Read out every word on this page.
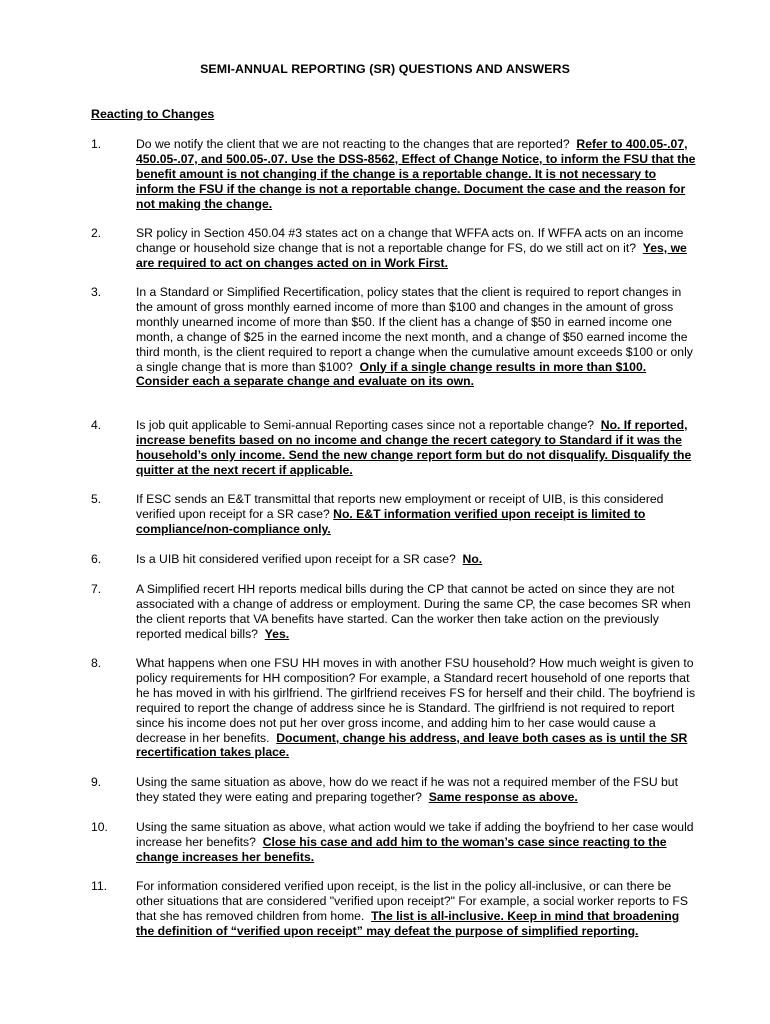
SEMI-ANNUAL REPORTING (SR) QUESTIONS AND ANSWERS
Reacting to Changes
1.	Do we notify the client that we are not reacting to the changes that are reported? Refer to 400.05-.07, 450.05-.07, and 500.05-.07. Use the DSS-8562, Effect of Change Notice, to inform the FSU that the benefit amount is not changing if the change is a reportable change. It is not necessary to inform the FSU if the change is not a reportable change. Document the case and the reason for not making the change.
2.	SR policy in Section 450.04 #3 states act on a change that WFFA acts on. If WFFA acts on an income change or household size change that is not a reportable change for FS, do we still act on it? Yes, we are required to act on changes acted on in Work First.
3.	In a Standard or Simplified Recertification, policy states that the client is required to report changes in the amount of gross monthly earned income of more than $100 and changes in the amount of gross monthly unearned income of more than $50. If the client has a change of $50 in earned income one month, a change of $25 in the earned income the next month, and a change of $50 earned income the third month, is the client required to report a change when the cumulative amount exceeds $100 or only a single change that is more than $100? Only if a single change results in more than $100. Consider each a separate change and evaluate on its own.
4.	Is job quit applicable to Semi-annual Reporting cases since not a reportable change? No. If reported, increase benefits based on no income and change the recert category to Standard if it was the household’s only income. Send the new change report form but do not disqualify. Disqualify the quitter at the next recert if applicable.
5.	If ESC sends an E&T transmittal that reports new employment or receipt of UIB, is this considered verified upon receipt for a SR case? No. E&T information verified upon receipt is limited to compliance/non-compliance only.
6.	Is a UIB hit considered verified upon receipt for a SR case? No.
7.	A Simplified recert HH reports medical bills during the CP that cannot be acted on since they are not associated with a change of address or employment. During the same CP, the case becomes SR when the client reports that VA benefits have started. Can the worker then take action on the previously reported medical bills? Yes.
8.	What happens when one FSU HH moves in with another FSU household? How much weight is given to policy requirements for HH composition? For example, a Standard recert household of one reports that he has moved in with his girlfriend. The girlfriend receives FS for herself and their child. The boyfriend is required to report the change of address since he is Standard. The girlfriend is not required to report since his income does not put her over gross income, and adding him to her case would cause a decrease in her benefits. Document, change his address, and leave both cases as is until the SR recertification takes place.
9.	Using the same situation as above, how do we react if he was not a required member of the FSU but they stated they were eating and preparing together? Same response as above.
10.	Using the same situation as above, what action would we take if adding the boyfriend to her case would increase her benefits? Close his case and add him to the woman’s case since reacting to the change increases her benefits.
11.	For information considered verified upon receipt, is the list in the policy all-inclusive, or can there be other situations that are considered "verified upon receipt?" For example, a social worker reports to FS that she has removed children from home. The list is all-inclusive. Keep in mind that broadening the definition of “verified upon receipt” may defeat the purpose of simplified reporting.
